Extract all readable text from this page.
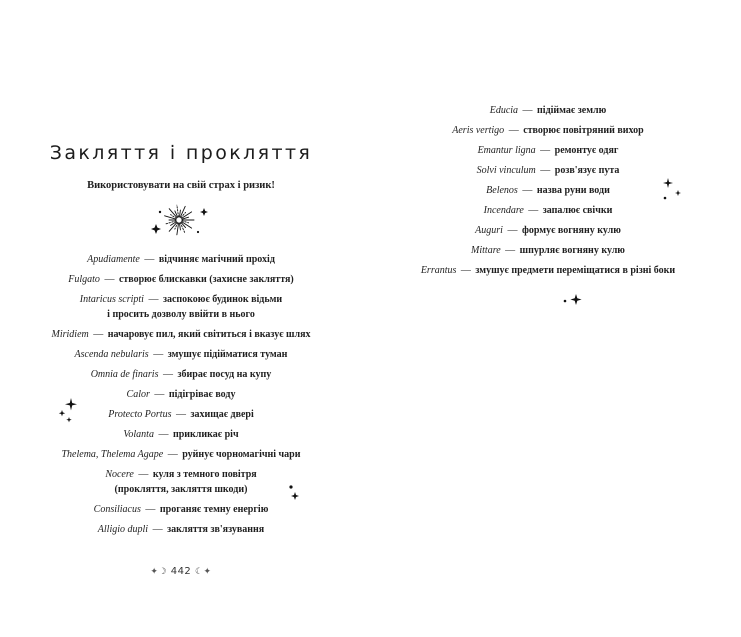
Закляття і прокляття
Використовувати на свій страх і ризик!
Apudiamente — відчиняє магічний прохід
Fulgato — створює блискавки (захисне закляття)
Intaricus scripti — заспокоює будинок відьми
і просить дозволу ввійти в нього
Miridiem — начаровує пил, який світиться і вказує шлях
Ascenda nebularis — змушує підійматися туман
Omnia de finaris — збирає посуд на купу
Calor — підігріває воду
Protecto Portus — захищає двері
Volanta — прикликає річ
Thelema, Thelema Agape — руйнує чорномагічні чари
Nocere — куля з темного повітря
(прокляття, закляття шкоди)
Consiliacus — проганяє темну енергію
Alligio dupli — закляття зв'язування
✦☽ 442 ☾✦
Educia — підіймає землю
Aeris vertigo — створює повітряний вихор
Emantur ligna — ремонтує одяг
Solvi vinculum — розв'язує пута
Belenos — назва руни води
Incendare — запалює свічки
Auguri — формує вогняну кулю
Mittare — шпурляє вогняну кулю
Errantus — змушує предмети переміщатися в різні боки
